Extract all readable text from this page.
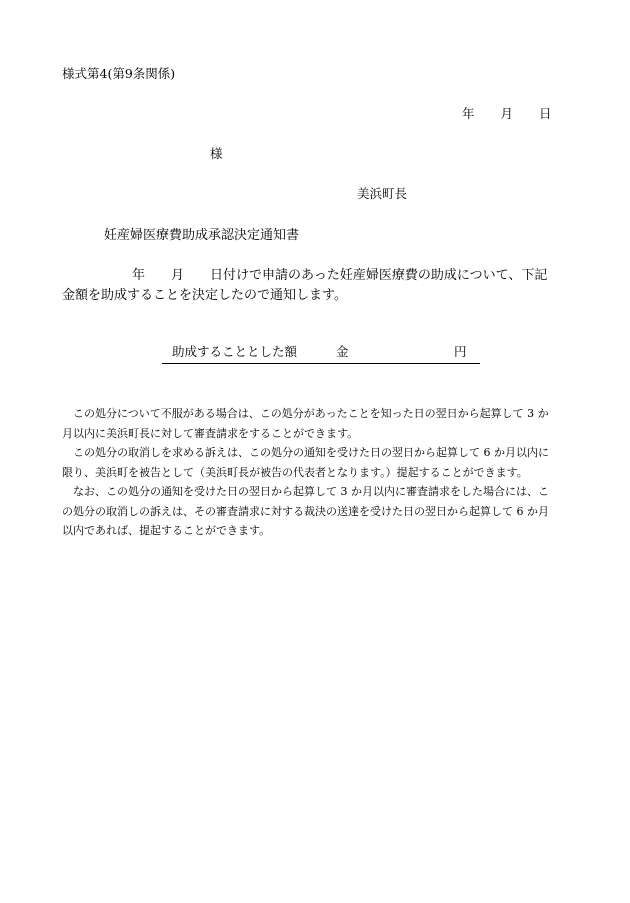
様式第4(第9条関係)
年 月 日
様
美浜町長
妊産婦医療費助成承認決定通知書
年 月 日付けで申請のあった妊産婦医療費の助成について、下記
金額を助成することを決定したので通知します。
助成することとした額	金	円
　この処分について不服がある場合は、この処分があったことを知った日の翌日から起算して 3 か
月以内に美浜町長に対して審査請求をすることができます。
　この処分の取消しを求める訴えは、この処分の通知を受けた日の翌日から起算して 6 か月以内に
限り、美浜町を被告として（美浜町長が被告の代表者となります。）提起することができます。
　なお、この処分の通知を受けた日の翌日から起算して 3 か月以内に審査請求をした場合には、こ
の処分の取消しの訴えは、その審査請求に対する裁決の送達を受けた日の翌日から起算して 6 か月
以内であれば、提起することができます。
